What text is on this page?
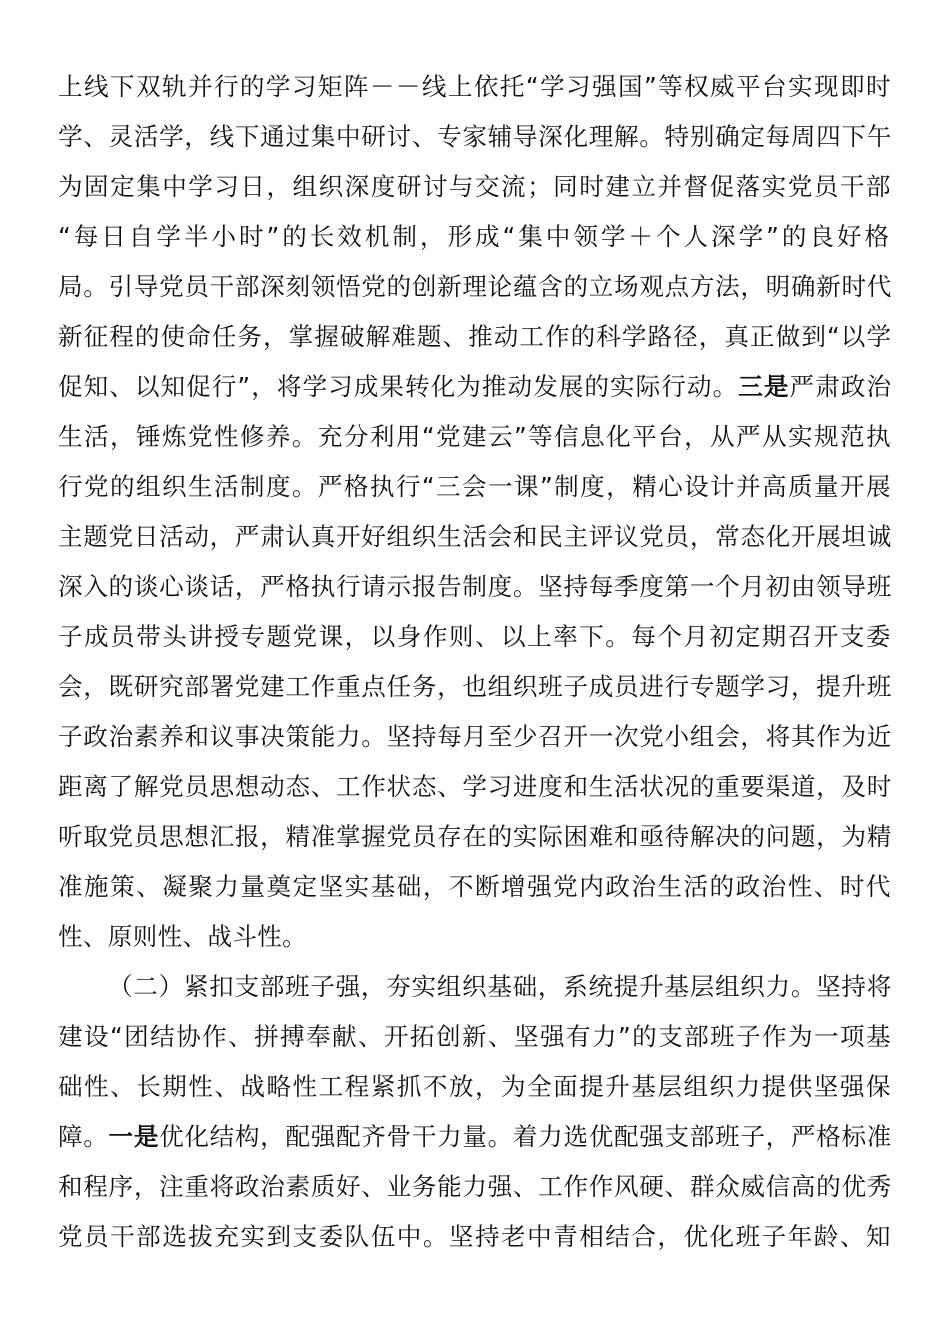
上线下双轨并行的学习矩阵－－线上依托“学习强国”等权威平台实现即时
学、灵活学，线下通过集中研讨、专家辅导深化理解。特别确定每周四下午
为固定集中学习日，组织深度研讨与交流；同时建立并督促落实党员干部
“每日自学半小时”的长效机制，形成“集中领学＋个人深学”的良好格
局。引导党员干部深刻领悟党的创新理论蕴含的立场观点方法，明确新时代
新征程的使命任务，掌握破解难题、推动工作的科学路径，真正做到“以学
促知、以知促行”，将学习成果转化为推动发展的实际行动。三是严肃政治
生活，锤炼党性修养。充分利用“党建云”等信息化平台，从严从实规范执
行党的组织生活制度。严格执行“三会一课”制度，精心设计并高质量开展
主题党日活动，严肃认真开好组织生活会和民主评议党员，常态化开展坦诚
深入的谈心谈话，严格执行请示报告制度。坚持每季度第一个月初由领导班
子成员带头讲授专题党课，以身作则、以上率下。每个月初定期召开支委
会，既研究部署党建工作重点任务，也组织班子成员进行专题学习，提升班
子政治素养和议事决策能力。坚持每月至少召开一次党小组会，将其作为近
距离了解党员思想动态、工作状态、学习进度和生活状况的重要渠道，及时
听取党员思想汇报，精准掌握党员存在的实际困难和亟待解决的问题，为精
准施策、凝聚力量奠定坚实基础，不断增强党内政治生活的政治性、时代
性、原则性、战斗性。
（二）紧扣支部班子强，夯实组织基础，系统提升基层组织力。坚持将
建设“团结协作、拼搏奉献、开拓创新、坚强有力”的支部班子作为一项基
础性、长期性、战略性工程紧抓不放，为全面提升基层组织力提供坚强保
障。一是优化结构，配强配齐骨干力量。着力选优配强支部班子，严格标准
和程序，注重将政治素质好、业务能力强、工作作风硬、群众威信高的优秀
党员干部选拔充实到支委队伍中。坚持老中青相结合，优化班子年龄、知
